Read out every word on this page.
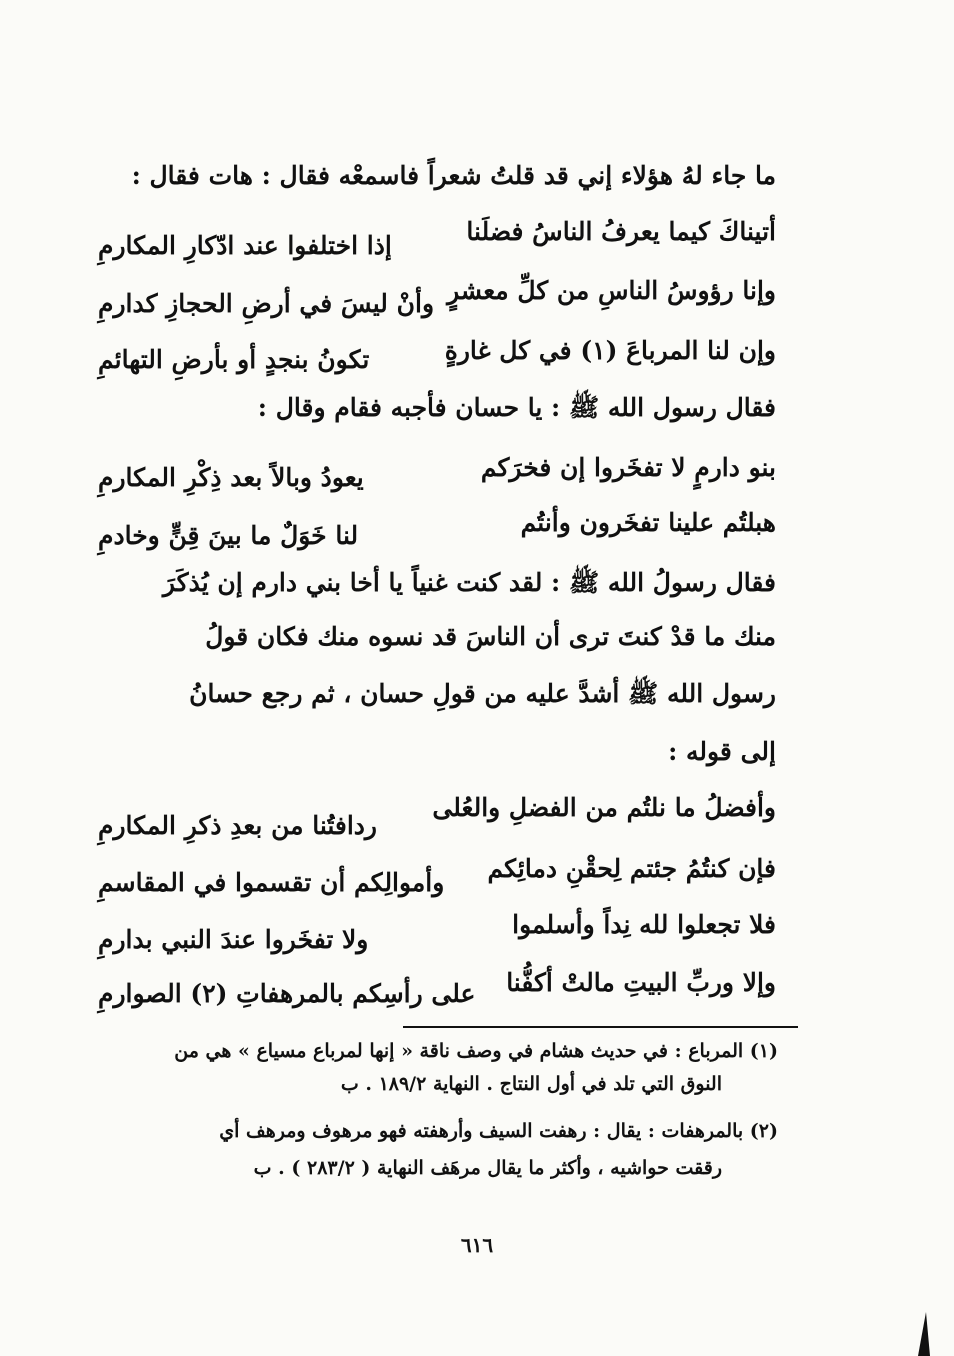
ما جاء لهُ هؤلاء إني قد قلتُ شعراً فاسمعْه فقال : هات فقال :
أتيناكَ كيما يعرفُ الناسُ فضلَنا
إذا اختلفوا عند ادّكارِ المكارمِ
وإنا رؤوسُ الناسِ من كلِّ معشرٍ
وأنْ ليسَ في أرضِ الحجازِ كدارمِ
وإن لنا المرباعَ (١) في كل غارةٍ
تكونُ بنجدٍ أو بأرضِ التهائمِ
فقال رسول الله ﷺ : يا حسان فأجبه فقام وقال :
بنو دارمٍ لا تفخَروا إن فخرَكم
يعودُ وبالاً بعد ذِكْرِ المكارمِ
هبلتُم علينا تفخَرون وأنتُم
لنا خَوَلٌ ما بينَ قِنٍّ وخادمِ
فقال رسولُ الله ﷺ : لقد كنت غنياً يا أخا بني دارم إن يُذكَرَ
منك ما قدْ كنتَ ترى أن الناسَ قد نسوه منك فكان قولُ
رسول الله ﷺ أشدَّ عليه من قولِ حسان ، ثم رجع حسانُ
إلى قوله :
وأفضلُ ما نلتُم من الفضلِ والعُلى
ردافتُنا من بعدِ ذكرِ المكارمِ
فإن كنتُمُ جئتم لِحقْنِ دمائِكم
وأموالِكم أن تقسموا في المقاسمِ
فلا تجعلوا لله نِداً وأسلموا
ولا تفخَروا عندَ النبي بدارمِ
وإلا وربِّ البيتِ مالتْ أكفُّنا
على رأسِكم بالمرهفاتِ (٢) الصوارمِ
(١) المرباع : في حديث هشام في وصف ناقة « إنها لمرباع مسياع » هي من
النوق التي تلد في أول النتاج . النهاية ١٨٩/٢ . ب
(٢) بالمرهفات : يقال : رهفت السيف وأرهفته فهو مرهوف ومرهف أي
رققت حواشيه ، وأكثر ما يقال مرهَف النهاية ( ٢٨٣/٢ ) . ب
٦١٦
